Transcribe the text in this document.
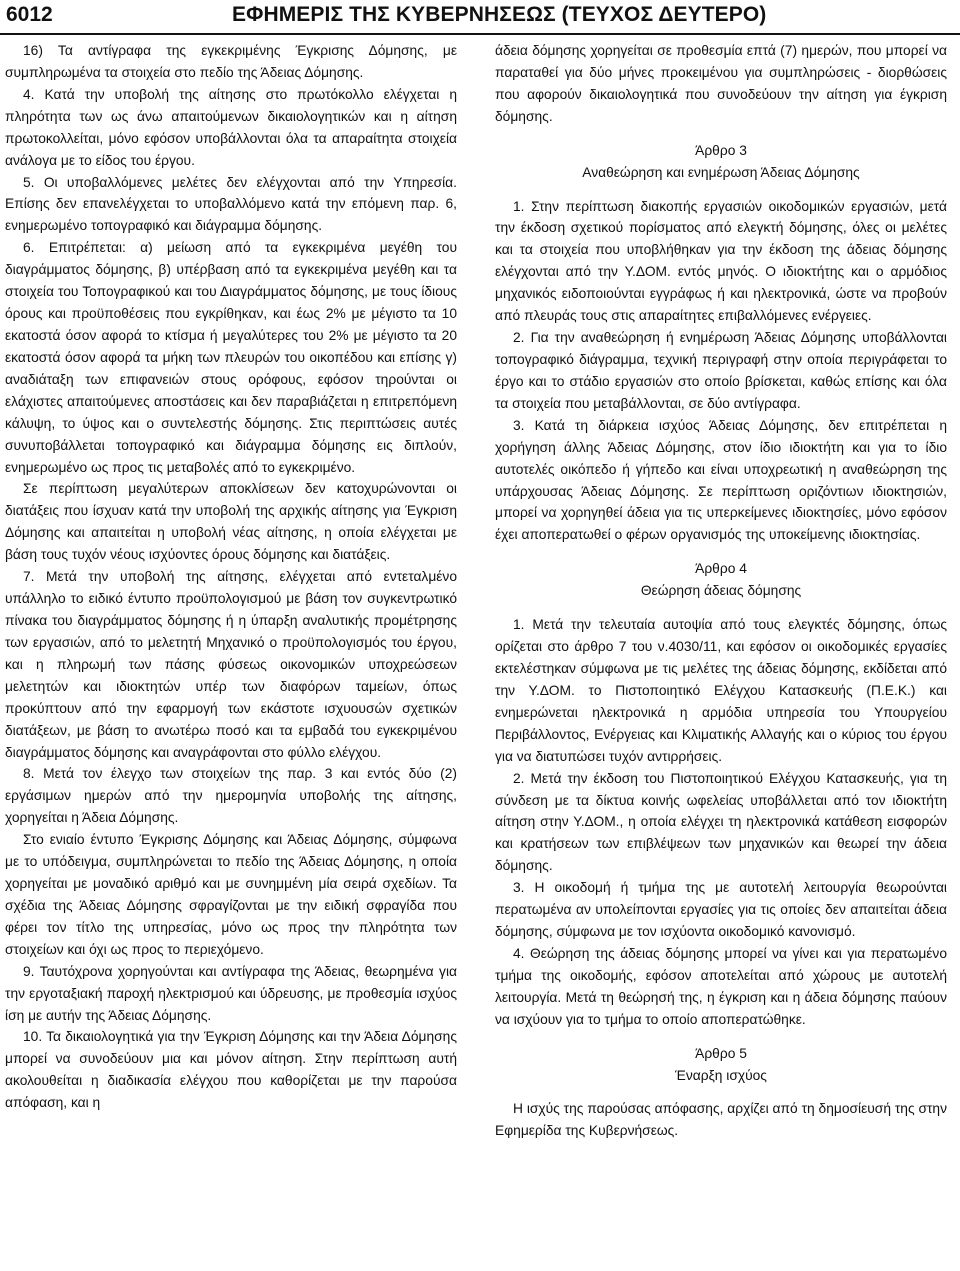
6012	ΕΦΗΜΕΡΙΣ ΤΗΣ ΚΥΒΕΡΝΗΣΕΩΣ (ΤΕΥΧΟΣ ΔΕΥΤΕΡΟ)

16) Τα αντίγραφα της εγκεκριμένης Έγκρισης Δόμησης, με συμπληρωμένα τα στοιχεία στο πεδίο της Άδειας Δόμησης.

4. Κατά την υποβολή της αίτησης στο πρωτόκολλο ελέγχεται η πληρότητα των ως άνω απαιτούμενων δικαιολογητικών και η αίτηση πρωτοκολλείται, μόνο εφόσον υποβάλλονται όλα τα απαραίτητα στοιχεία ανάλογα με το είδος του έργου.

5. Οι υποβαλλόμενες μελέτες δεν ελέγχονται από την Υπηρεσία. Επίσης δεν επανελέγχεται το υποβαλλόμενο κατά την επόμενη παρ. 6, ενημερωμένο τοπογραφικό και διάγραμμα δόμησης.

6. Επιτρέπεται: α) μείωση από τα εγκεκριμένα μεγέθη του διαγράμματος δόμησης, β) υπέρβαση από τα εγκεκριμένα μεγέθη και τα στοιχεία του Τοπογραφικού και του Διαγράμματος δόμησης, με τους ίδιους όρους και προϋποθέσεις που εγκρίθηκαν, και έως 2% με μέγιστο τα 10 εκατοστά όσον αφορά το κτίσμα ή μεγαλύτερες του 2% με μέγιστο τα 20 εκατοστά όσον αφορά τα μήκη των πλευρών του οικοπέδου και επίσης γ) αναδιάταξη των επιφανειών στους ορόφους, εφόσον τηρούνται οι ελάχιστες απαιτούμενες αποστάσεις και δεν παραβιάζεται η επιτρεπόμενη κάλυψη, το ύψος και ο συντελεστής δόμησης. Στις περιπτώσεις αυτές συνυποβάλλεται τοπογραφικό και διάγραμμα δόμησης εις διπλούν, ενημερωμένο ως προς τις μεταβολές από το εγκεκριμένο.

Σε περίπτωση μεγαλύτερων αποκλίσεων δεν κατοχυρώνονται οι διατάξεις που ίσχυαν κατά την υποβολή της αρχικής αίτησης για Έγκριση Δόμησης και απαιτείται η υποβολή νέας αίτησης, η οποία ελέγχεται με βάση τους τυχόν νέους ισχύοντες όρους δόμησης και διατάξεις.

7. Μετά την υποβολή της αίτησης, ελέγχεται από εντεταλμένο υπάλληλο το ειδικό έντυπο προϋπολογισμού με βάση τον συγκεντρωτικό πίνακα του διαγράμματος δόμησης ή η ύπαρξη αναλυτικής προμέτρησης των εργασιών, από το μελετητή Μηχανικό ο προϋπολογισμός του έργου, και η πληρωμή των πάσης φύσεως οικονομικών υποχρεώσεων μελετητών και ιδιοκτητών υπέρ των διαφόρων ταμείων, όπως προκύπτουν από την εφαρμογή των εκάστοτε ισχυουσών σχετικών διατάξεων, με βάση το ανωτέρω ποσό και τα εμβαδά του εγκεκριμένου διαγράμματος δόμησης και αναγράφονται στο φύλλο ελέγχου.

8. Μετά τον έλεγχο των στοιχείων της παρ. 3 και εντός δύο (2) εργάσιμων ημερών από την ημερομηνία υποβολής της αίτησης, χορηγείται η Άδεια Δόμησης.

Στο ενιαίο έντυπο Έγκρισης Δόμησης και Άδειας Δόμησης, σύμφωνα με το υπόδειγμα, συμπληρώνεται το πεδίο της Άδειας Δόμησης, η οποία χορηγείται με μοναδικό αριθμό και με συνημμένη μία σειρά σχεδίων. Τα σχέδια της Άδειας Δόμησης σφραγίζονται με την ειδική σφραγίδα που φέρει τον τίτλο της υπηρεσίας, μόνο ως προς την πληρότητα των στοιχείων και όχι ως προς το περιεχόμενο.

9. Ταυτόχρονα χορηγούνται και αντίγραφα της Άδειας, θεωρημένα για την εργοταξιακή παροχή ηλεκτρισμού και ύδρευσης, με προθεσμία ισχύος ίση με αυτήν της Άδειας Δόμησης.

10. Τα δικαιολογητικά για την Έγκριση Δόμησης και την Άδεια Δόμησης μπορεί να συνοδεύουν μια και μόνον αίτηση. Στην περίπτωση αυτή ακολουθείται η διαδικασία ελέγχου που καθορίζεται με την παρούσα απόφαση, και η

άδεια δόμησης χορηγείται σε προθεσμία επτά (7) ημερών, που μπορεί να παραταθεί για δύο μήνες προκειμένου για συμπληρώσεις - διορθώσεις που αφορούν δικαιολογητικά που συνοδεύουν την αίτηση για έγκριση δόμησης.

Άρθρο 3

Αναθεώρηση και ενημέρωση Άδειας Δόμησης

1. Στην περίπτωση διακοπής εργασιών οικοδομικών εργασιών, μετά την έκδοση σχετικού πορίσματος από ελεγκτή δόμησης, όλες οι μελέτες και τα στοιχεία που υποβλήθηκαν για την έκδοση της άδειας δόμησης ελέγχονται από την Υ.ΔΟΜ. εντός μηνός. Ο ιδιοκτήτης και ο αρμόδιος μηχανικός ειδοποιούνται εγγράφως ή και ηλεκτρονικά, ώστε να προβούν από πλευράς τους στις απαραίτητες επιβαλλόμενες ενέργειες.

2. Για την αναθεώρηση ή ενημέρωση Άδειας Δόμησης υποβάλλονται τοπογραφικό διάγραμμα, τεχνική περιγραφή στην οποία περιγράφεται το έργο και το στάδιο εργασιών στο οποίο βρίσκεται, καθώς επίσης και όλα τα στοιχεία που μεταβάλλονται, σε δύο αντίγραφα.

3. Κατά τη διάρκεια ισχύος Άδειας Δόμησης, δεν επιτρέπεται η χορήγηση άλλης Άδειας Δόμησης, στον ίδιο ιδιοκτήτη και για το ίδιο αυτοτελές οικόπεδο ή γήπεδο και είναι υποχρεωτική η αναθεώρηση της υπάρχουσας Άδειας Δόμησης. Σε περίπτωση οριζόντιων ιδιοκτησιών, μπορεί να χορηγηθεί άδεια για τις υπερκείμενες ιδιοκτησίες, μόνο εφόσον έχει αποπερατωθεί ο φέρων οργανισμός της υποκείμενης ιδιοκτησίας.

Άρθρο 4

Θεώρηση άδειας δόμησης

1. Μετά την τελευταία αυτοψία από τους ελεγκτές δόμησης, όπως ορίζεται στο άρθρο 7 του ν.4030/11, και εφόσον οι οικοδομικές εργασίες εκτελέστηκαν σύμφωνα με τις μελέτες της άδειας δόμησης, εκδίδεται από την Υ.ΔΟΜ. το Πιστοποιητικό Ελέγχου Κατασκευής (Π.Ε.Κ.) και ενημερώνεται ηλεκτρονικά η αρμόδια υπηρεσία του Υπουργείου Περιβάλλοντος, Ενέργειας και Κλιματικής Αλλαγής και ο κύριος του έργου για να διατυπώσει τυχόν αντιρρήσεις.

2. Μετά την έκδοση του Πιστοποιητικού Ελέγχου Κατασκευής, για τη σύνδεση με τα δίκτυα κοινής ωφελείας υποβάλλεται από τον ιδιοκτήτη αίτηση στην Υ.ΔΟΜ., η οποία ελέγχει τη ηλεκτρονικά κατάθεση εισφορών και κρατήσεων των επιβλέψεων των μηχανικών και θεωρεί την άδεια δόμησης.

3. Η οικοδομή ή τμήμα της με αυτοτελή λειτουργία θεωρούνται περατωμένα αν υπολείπονται εργασίες για τις οποίες δεν απαιτείται άδεια δόμησης, σύμφωνα με τον ισχύοντα οικοδομικό κανονισμό.

4. Θεώρηση της άδειας δόμησης μπορεί να γίνει και για περατωμένο τμήμα της οικοδομής, εφόσον αποτελείται από χώρους με αυτοτελή λειτουργία. Μετά τη θεώρησή της, η έγκριση και η άδεια δόμησης παύουν να ισχύουν για το τμήμα το οποίο αποπερατώθηκε.

Άρθρο 5

Έναρξη ισχύος

Η ισχύς της παρούσας απόφασης, αρχίζει από τη δημοσίευσή της στην Εφημερίδα της Κυβερνήσεως.
